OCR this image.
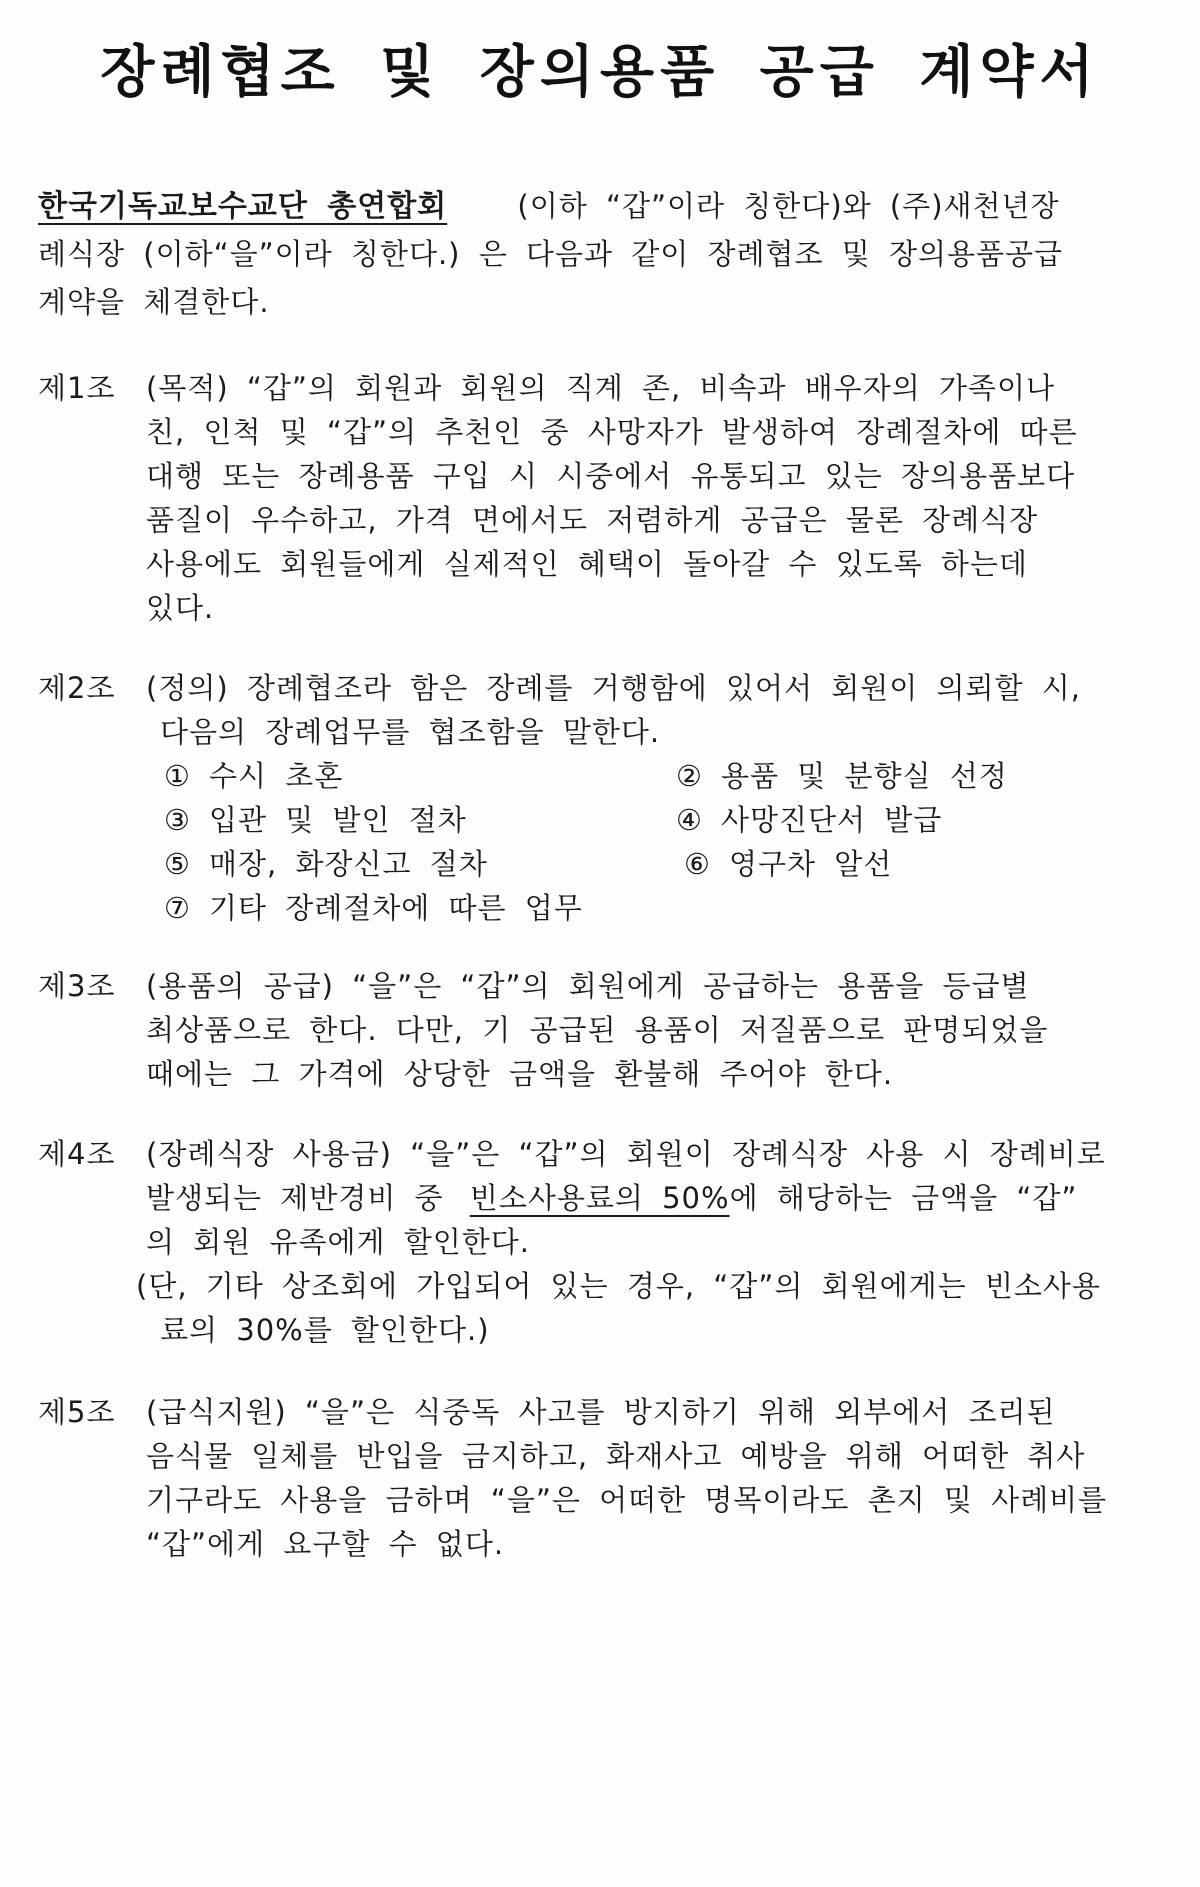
장례협조 및 장의용품 공급 계약서
한국기독교보수교단 총연합회 (이하 “갑”이라 칭한다)와 (주)새천년장
례식장 (이하“을”이라 칭한다.) 은 다음과 같이 장례협조 및 장의용품공급
계약을 체결한다.
제1조 (목적) “갑”의 회원과 회원의 직계 존, 비속과 배우자의 가족이나
친, 인척 및 “갑”의 추천인 중 사망자가 발생하여 장례절차에 따른
대행 또는 장례용품 구입 시 시중에서 유통되고 있는 장의용품보다
품질이 우수하고, 가격 면에서도 저렴하게 공급은 물론 장례식장
사용에도 회원들에게 실제적인 혜택이 돌아갈 수 있도록 하는데
있다.
제2조 (정의) 장례협조라 함은 장례를 거행함에 있어서 회원이 의뢰할 시,
다음의 장례업무를 협조함을 말한다.
① 수시 초혼	② 용품 및 분향실 선정
③ 입관 및 발인 절차	④ 사망진단서 발급
⑤ 매장, 화장신고 절차	⑥ 영구차 알선
⑦ 기타 장례절차에 따른 업무
제3조 (용품의 공급) “을”은 “갑”의 회원에게 공급하는 용품을 등급별
최상품으로 한다. 다만, 기 공급된 용품이 저질품으로 판명되었을
때에는 그 가격에 상당한 금액을 환불해 주어야 한다.
제4조 (장례식장 사용금) “을”은 “갑”의 회원이 장례식장 사용 시 장례비로
발생되는 제반경비 중 빈소사용료의 50%에 해당하는 금액을 “갑”
의 회원 유족에게 할인한다.
(단, 기타 상조회에 가입되어 있는 경우, “갑”의 회원에게는 빈소사용
료의 30%를 할인한다.)
제5조 (급식지원) “을”은 식중독 사고를 방지하기 위해 외부에서 조리된
음식물 일체를 반입을 금지하고, 화재사고 예방을 위해 어떠한 취사
기구라도 사용을 금하며 “을”은 어떠한 명목이라도 촌지 및 사례비를
“갑”에게 요구할 수 없다.
